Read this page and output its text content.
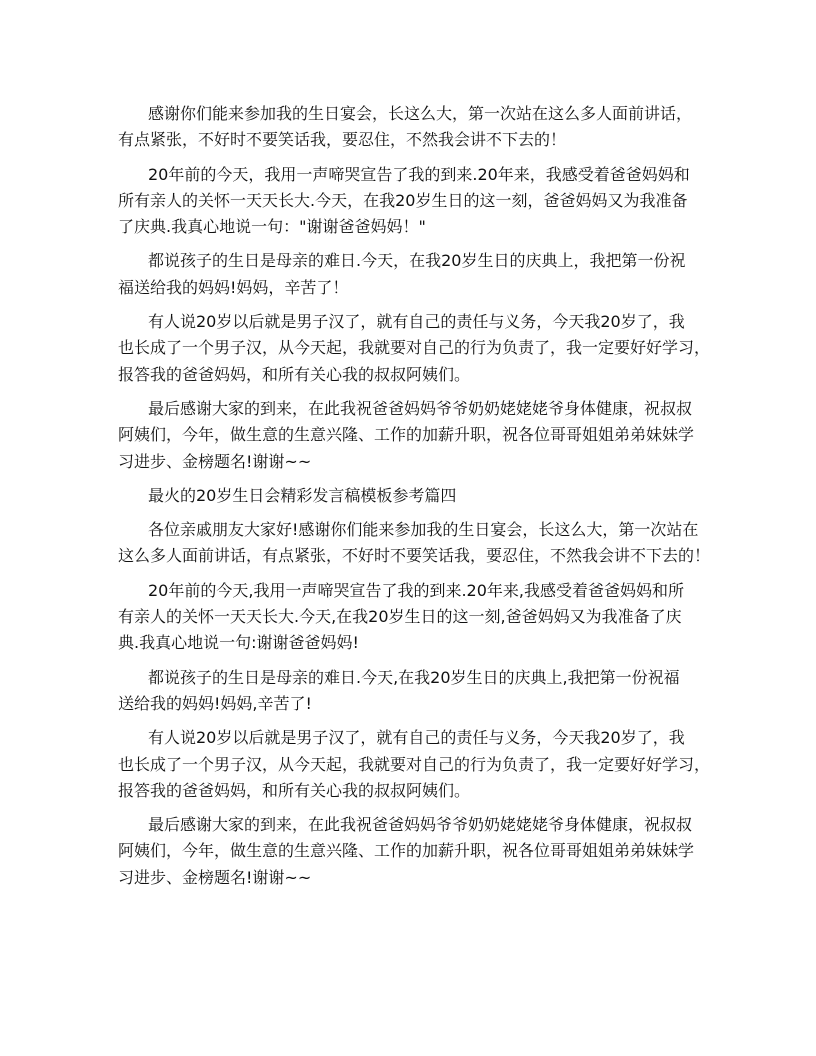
感谢你们能来参加我的生日宴会，长这么大，第一次站在这么多人面前讲话，
有点紧张，不好时不要笑话我，要忍住，不然我会讲不下去的！
20年前的今天，我用一声啼哭宣告了我的到来.20年来，我感受着爸爸妈妈和
所有亲人的关怀一天天长大.今天，在我20岁生日的这一刻，爸爸妈妈又为我准备
了庆典.我真心地说一句："谢谢爸爸妈妈！"
都说孩子的生日是母亲的难日.今天，在我20岁生日的庆典上，我把第一份祝
福送给我的妈妈!妈妈，辛苦了！
有人说20岁以后就是男子汉了，就有自己的责任与义务，今天我20岁了，我
也长成了一个男子汉，从今天起，我就要对自己的行为负责了，我一定要好好学习，
报答我的爸爸妈妈，和所有关心我的叔叔阿姨们。
最后感谢大家的到来，在此我祝爸爸妈妈爷爷奶奶姥姥姥爷身体健康，祝叔叔
阿姨们，今年，做生意的生意兴隆、工作的加薪升职，祝各位哥哥姐姐弟弟妹妹学
习进步、金榜题名!谢谢~~
最火的20岁生日会精彩发言稿模板参考篇四
各位亲戚朋友大家好!感谢你们能来参加我的生日宴会，长这么大，第一次站在
这么多人面前讲话，有点紧张，不好时不要笑话我，要忍住，不然我会讲不下去的！
20年前的今天,我用一声啼哭宣告了我的到来.20年来,我感受着爸爸妈妈和所
有亲人的关怀一天天长大.今天,在我20岁生日的这一刻,爸爸妈妈又为我准备了庆
典.我真心地说一句:谢谢爸爸妈妈!
都说孩子的生日是母亲的难日.今天,在我20岁生日的庆典上,我把第一份祝福
送给我的妈妈!妈妈,辛苦了!
有人说20岁以后就是男子汉了，就有自己的责任与义务，今天我20岁了，我
也长成了一个男子汉，从今天起，我就要对自己的行为负责了，我一定要好好学习，
报答我的爸爸妈妈，和所有关心我的叔叔阿姨们。
最后感谢大家的到来，在此我祝爸爸妈妈爷爷奶奶姥姥姥爷身体健康，祝叔叔
阿姨们，今年，做生意的生意兴隆、工作的加薪升职，祝各位哥哥姐姐弟弟妹妹学
习进步、金榜题名!谢谢~~
